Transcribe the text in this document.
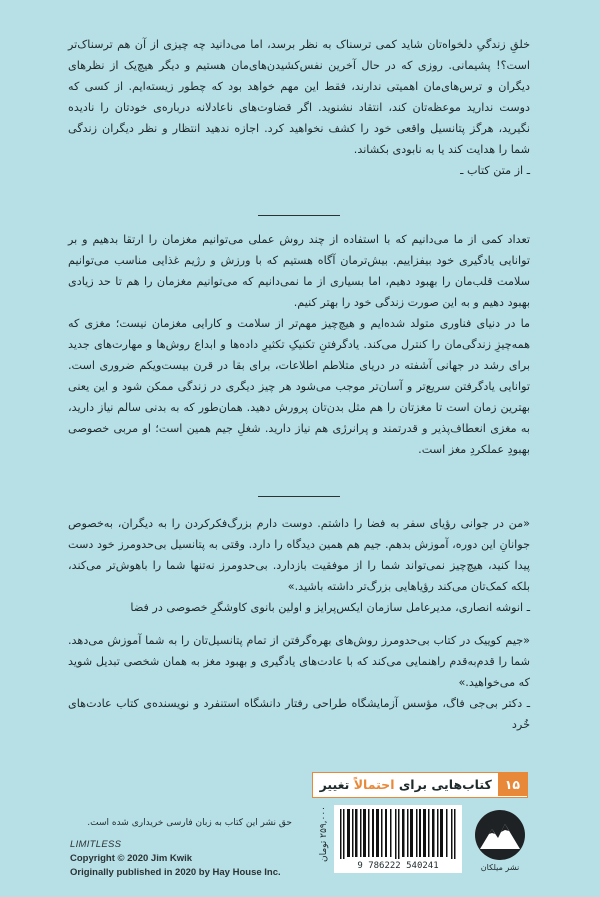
خلقِ زندگیِ دلخواه‌تان شاید کمی ترسناک به نظر برسد، اما می‌دانید چه چیزی از آن هم ترسناک‌تر است؟! پشیمانی. روزی که در حال آخرین نفس‌کشیدن‌های‌مان هستیم و دیگر هیچ‌یک از نظرهای دیگران و ترس‌های‌مان اهمیتی ندارند، فقط این مهم خواهد بود که چطور زیسته‌ایم. از کسی که دوست ندارید موعظه‌تان کند، انتقاد نشنوید. اگر قضاوت‌های ناعادلانه درباره‌ی خودتان را نادیده نگیرید، هرگز پتانسیل واقعی خود را کشف نخواهید کرد. اجازه ندهید انتظار و نظر دیگران زندگی شما را هدایت کند یا به نابودی بکشاند.

ـ از متن کتاب ـ

تعداد کمی از ما می‌دانیم که با استفاده از چند روش عملی می‌توانیم مغزمان را ارتقا بدهیم و بر توانایی یادگیری خود بیفزاییم. بیش‌ترمان آگاه هستیم که با ورزش و رژیم غذایی مناسب می‌توانیم سلامت قلب‌مان را بهبود دهیم، اما بسیاری از ما نمی‌دانیم که می‌توانیم مغزمان را هم تا حد زیادی بهبود دهیم و به این صورت زندگی خود را بهتر کنیم.

ما در دنیای فناوری متولد شده‌ایم و هیچ‌چیز مهم‌تر از سلامت و کارایی مغزمان نیست؛ مغزی که همه‌چیزِ زندگی‌مان را کنترل می‌کند. یادگرفتنِ تکنیکِ تکثیرِ داده‌ها و ابداع روش‌ها و مهارت‌های جدید برای رشد در جهانی آشفته در دریای متلاطم اطلاعات، برای بقا در قرن بیست‌ویکم ضروری است. توانایی یادگرفتن سریع‌تر و آسان‌تر موجب می‌شود هر چیز دیگری در زندگی ممکن شود و این یعنی بهترین زمان است تا مغزتان را هم مثل بدن‌تان پرورش دهید. همان‌طور که به بدنی سالم نیاز دارید، به مغزی انعطاف‌پذیر و قدرتمند و پرانرژی هم نیاز دارید. شغلِ جیم همین است؛ او مربی خصوصی بهبودِ عملکردِ مغز است.

«من در جوانی رؤیای سفر به فضا را داشتم. دوست دارم بزرگ‌فکرکردن را به دیگران، به‌خصوص جوانانِ این دوره، آموزش بدهم. جیم هم همین دیدگاه را دارد. وقتی به پتانسیل بی‌حدومرز خود دست پیدا کنید، هیچ‌چیز نمی‌تواند شما را از موفقیت بازدارد. بی‌حدومرز نه‌تنها شما را باهوش‌تر می‌کند، بلکه کمک‌تان می‌کند رؤیاهایی بزرگ‌تر داشته باشید.»

ـ انوشه انصاری، مدیرعامل سازمان ایکس‌پرایز و اولین بانوی کاوشگرِ خصوصی در فضا

«جیم کوییک در کتاب بی‌حدومرز روش‌های بهره‌گرفتن از تمام پتانسیل‌تان را به شما آموزش می‌دهد. شما را قدم‌به‌قدم راهنمایی می‌کند که با عادت‌های یادگیری و بهبود مغز به همان شخصی تبدیل شوید که می‌خواهید.»

ـ دکتر بی‌جی فاگ، مؤسس آزمایشگاه طراحی رفتار دانشگاه استنفرد و نویسنده‌ی کتاب عادت‌های خُرد

۱۵کتاب‌هایی برای احتمالاً تغییر
حق نشر این کتاب به زبان فارسی خریداری شده است.
LIMITLESS
Copyright © 2020 Jim Kwik
Originally published in 2020 by Hay House Inc.
۲۵۹,۰۰۰ تومان
9 786222 540241	نشر میلکان
